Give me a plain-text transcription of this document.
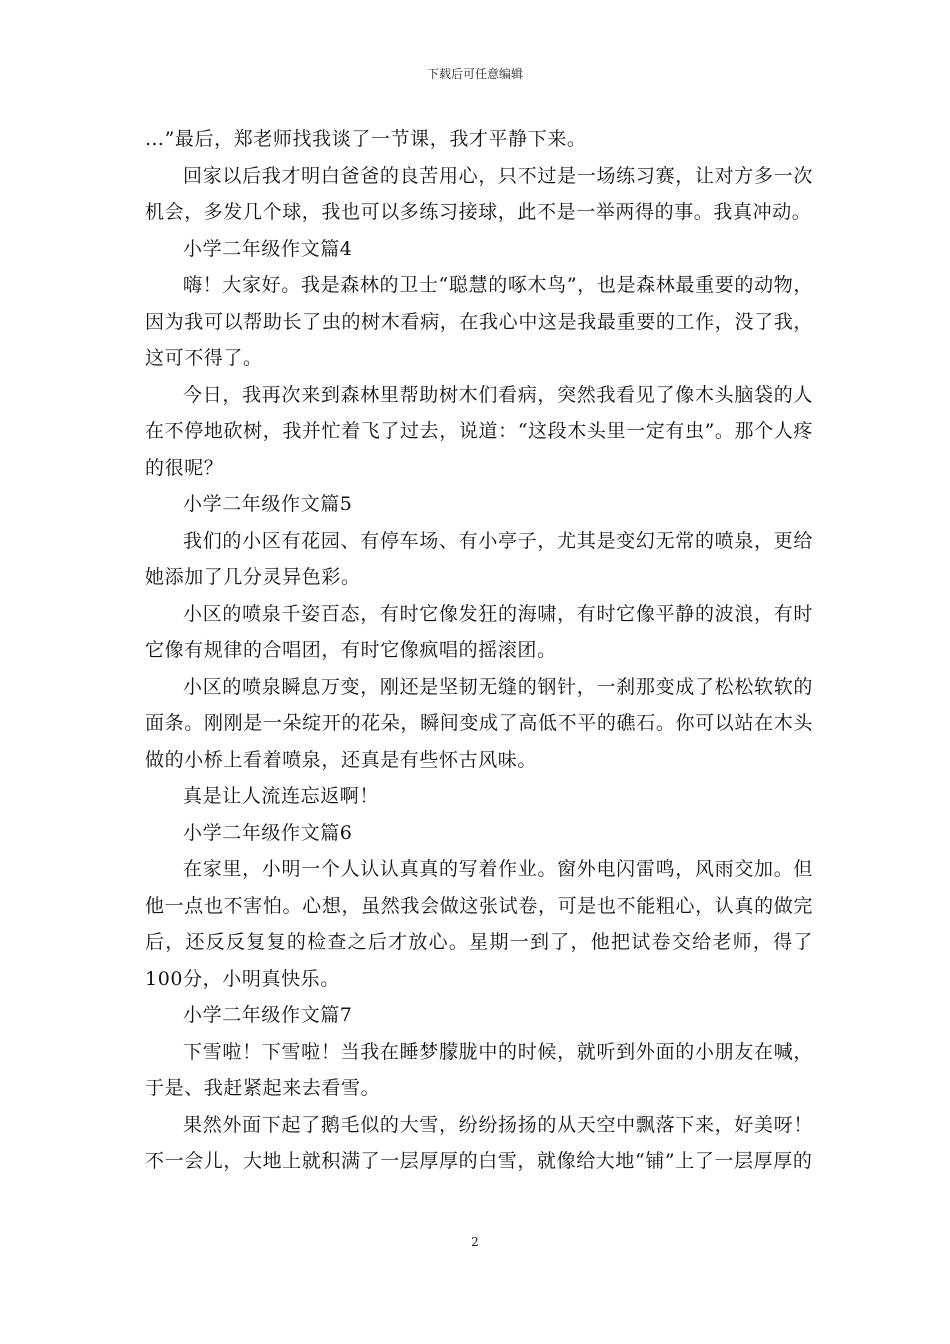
下载后可任意编辑

…”最后，郑老师找我谈了一节课，我才平静下来。

回家以后我才明白爸爸的良苦用心，只不过是一场练习赛，让对方多一次机会，多发几个球，我也可以多练习接球，此不是一举两得的事。我真冲动。

小学二年级作文篇4

嗨！大家好。我是森林的卫士“聪慧的啄木鸟”，也是森林最重要的动物，因为我可以帮助长了虫的树木看病，在我心中这是我最重要的工作，没了我，这可不得了。

今日，我再次来到森林里帮助树木们看病，突然我看见了像木头脑袋的人在不停地砍树，我并忙着飞了过去，说道：“这段木头里一定有虫”。那个人疼的很呢？

小学二年级作文篇5

我们的小区有花园、有停车场、有小亭子，尤其是变幻无常的喷泉，更给她添加了几分灵异色彩。

小区的喷泉千姿百态，有时它像发狂的海啸，有时它像平静的波浪，有时它像有规律的合唱团，有时它像疯唱的摇滚团。

小区的喷泉瞬息万变，刚还是坚韧无缝的钢针，一刹那变成了松松软软的面条。刚刚是一朵绽开的花朵，瞬间变成了高低不平的礁石。你可以站在木头做的小桥上看着喷泉，还真是有些怀古风味。

真是让人流连忘返啊！

小学二年级作文篇6

在家里，小明一个人认认真真的写着作业。窗外电闪雷鸣，风雨交加。但他一点也不害怕。心想，虽然我会做这张试卷，可是也不能粗心，认真的做完后，还反反复复的检查之后才放心。星期一到了，他把试卷交给老师，得了100分，小明真快乐。

小学二年级作文篇7

下雪啦！下雪啦！当我在睡梦朦胧中的时候，就听到外面的小朋友在喊，于是、我赶紧起来去看雪。

果然外面下起了鹅毛似的大雪，纷纷扬扬的从天空中飘落下来，好美呀！不一会儿，大地上就积满了一层厚厚的白雪，就像给大地“铺”上了一层厚厚的

2
